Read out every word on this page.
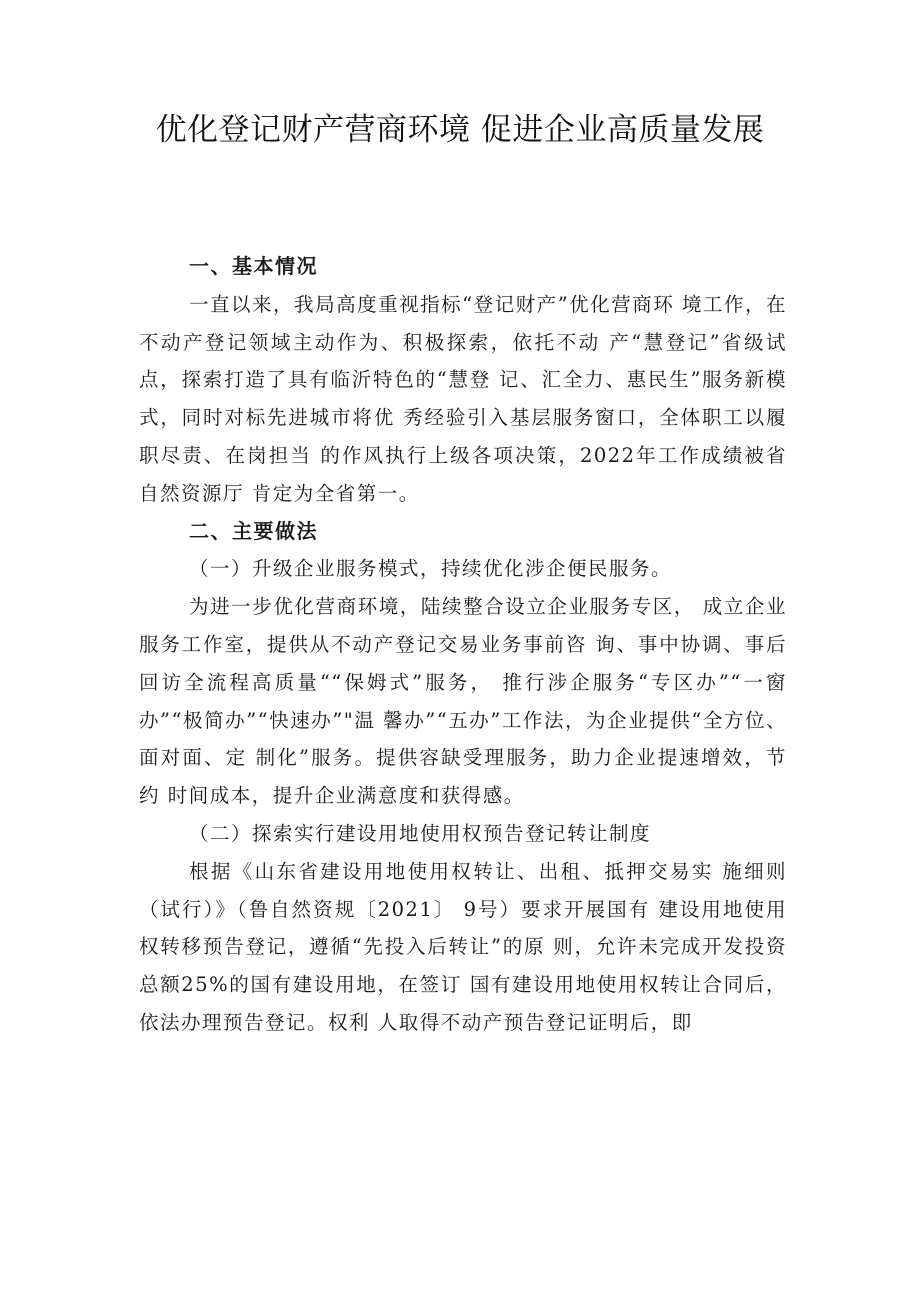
优化登记财产营商环境 促进企业高质量发展

一、基本情况

一直以来，我局高度重视指标“登记财产”优化营商环 境工作，在不动产登记领域主动作为、积极探索，依托不动 产“慧登记”省级试点，探索打造了具有临沂特色的“慧登 记、汇全力、惠民生”服务新模式，同时对标先进城市将优 秀经验引入基层服务窗口，全体职工以履职尽责、在岗担当 的作风执行上级各项决策，2022年工作成绩被省自然资源厅 肯定为全省第一。

二、主要做法

（一）升级企业服务模式，持续优化涉企便民服务。

为进一步优化营商环境，陆续整合设立企业服务专区， 成立企业服务工作室，提供从不动产登记交易业务事前咨 询、事中协调、事后回访全流程高质量““保姆式”服务， 推行涉企服务“专区办”“一窗办”“极简办”“快速办”"温 馨办”“五办”工作法，为企业提供“全方位、面对面、定 制化”服务。提供容缺受理服务，助力企业提速增效，节约 时间成本，提升企业满意度和获得感。

（二）探索实行建设用地使用权预告登记转让制度

根据《山东省建设用地使用权转让、出租、抵押交易实 施细则（试行）》（鲁自然资规〔2021〕 9号）要求开展国有 建设用地使用权转移预告登记，遵循“先投入后转让”的原 则，允许未完成开发投资总额25%的国有建设用地，在签订 国有建设用地使用权转让合同后，依法办理预告登记。权利 人取得不动产预告登记证明后，即
